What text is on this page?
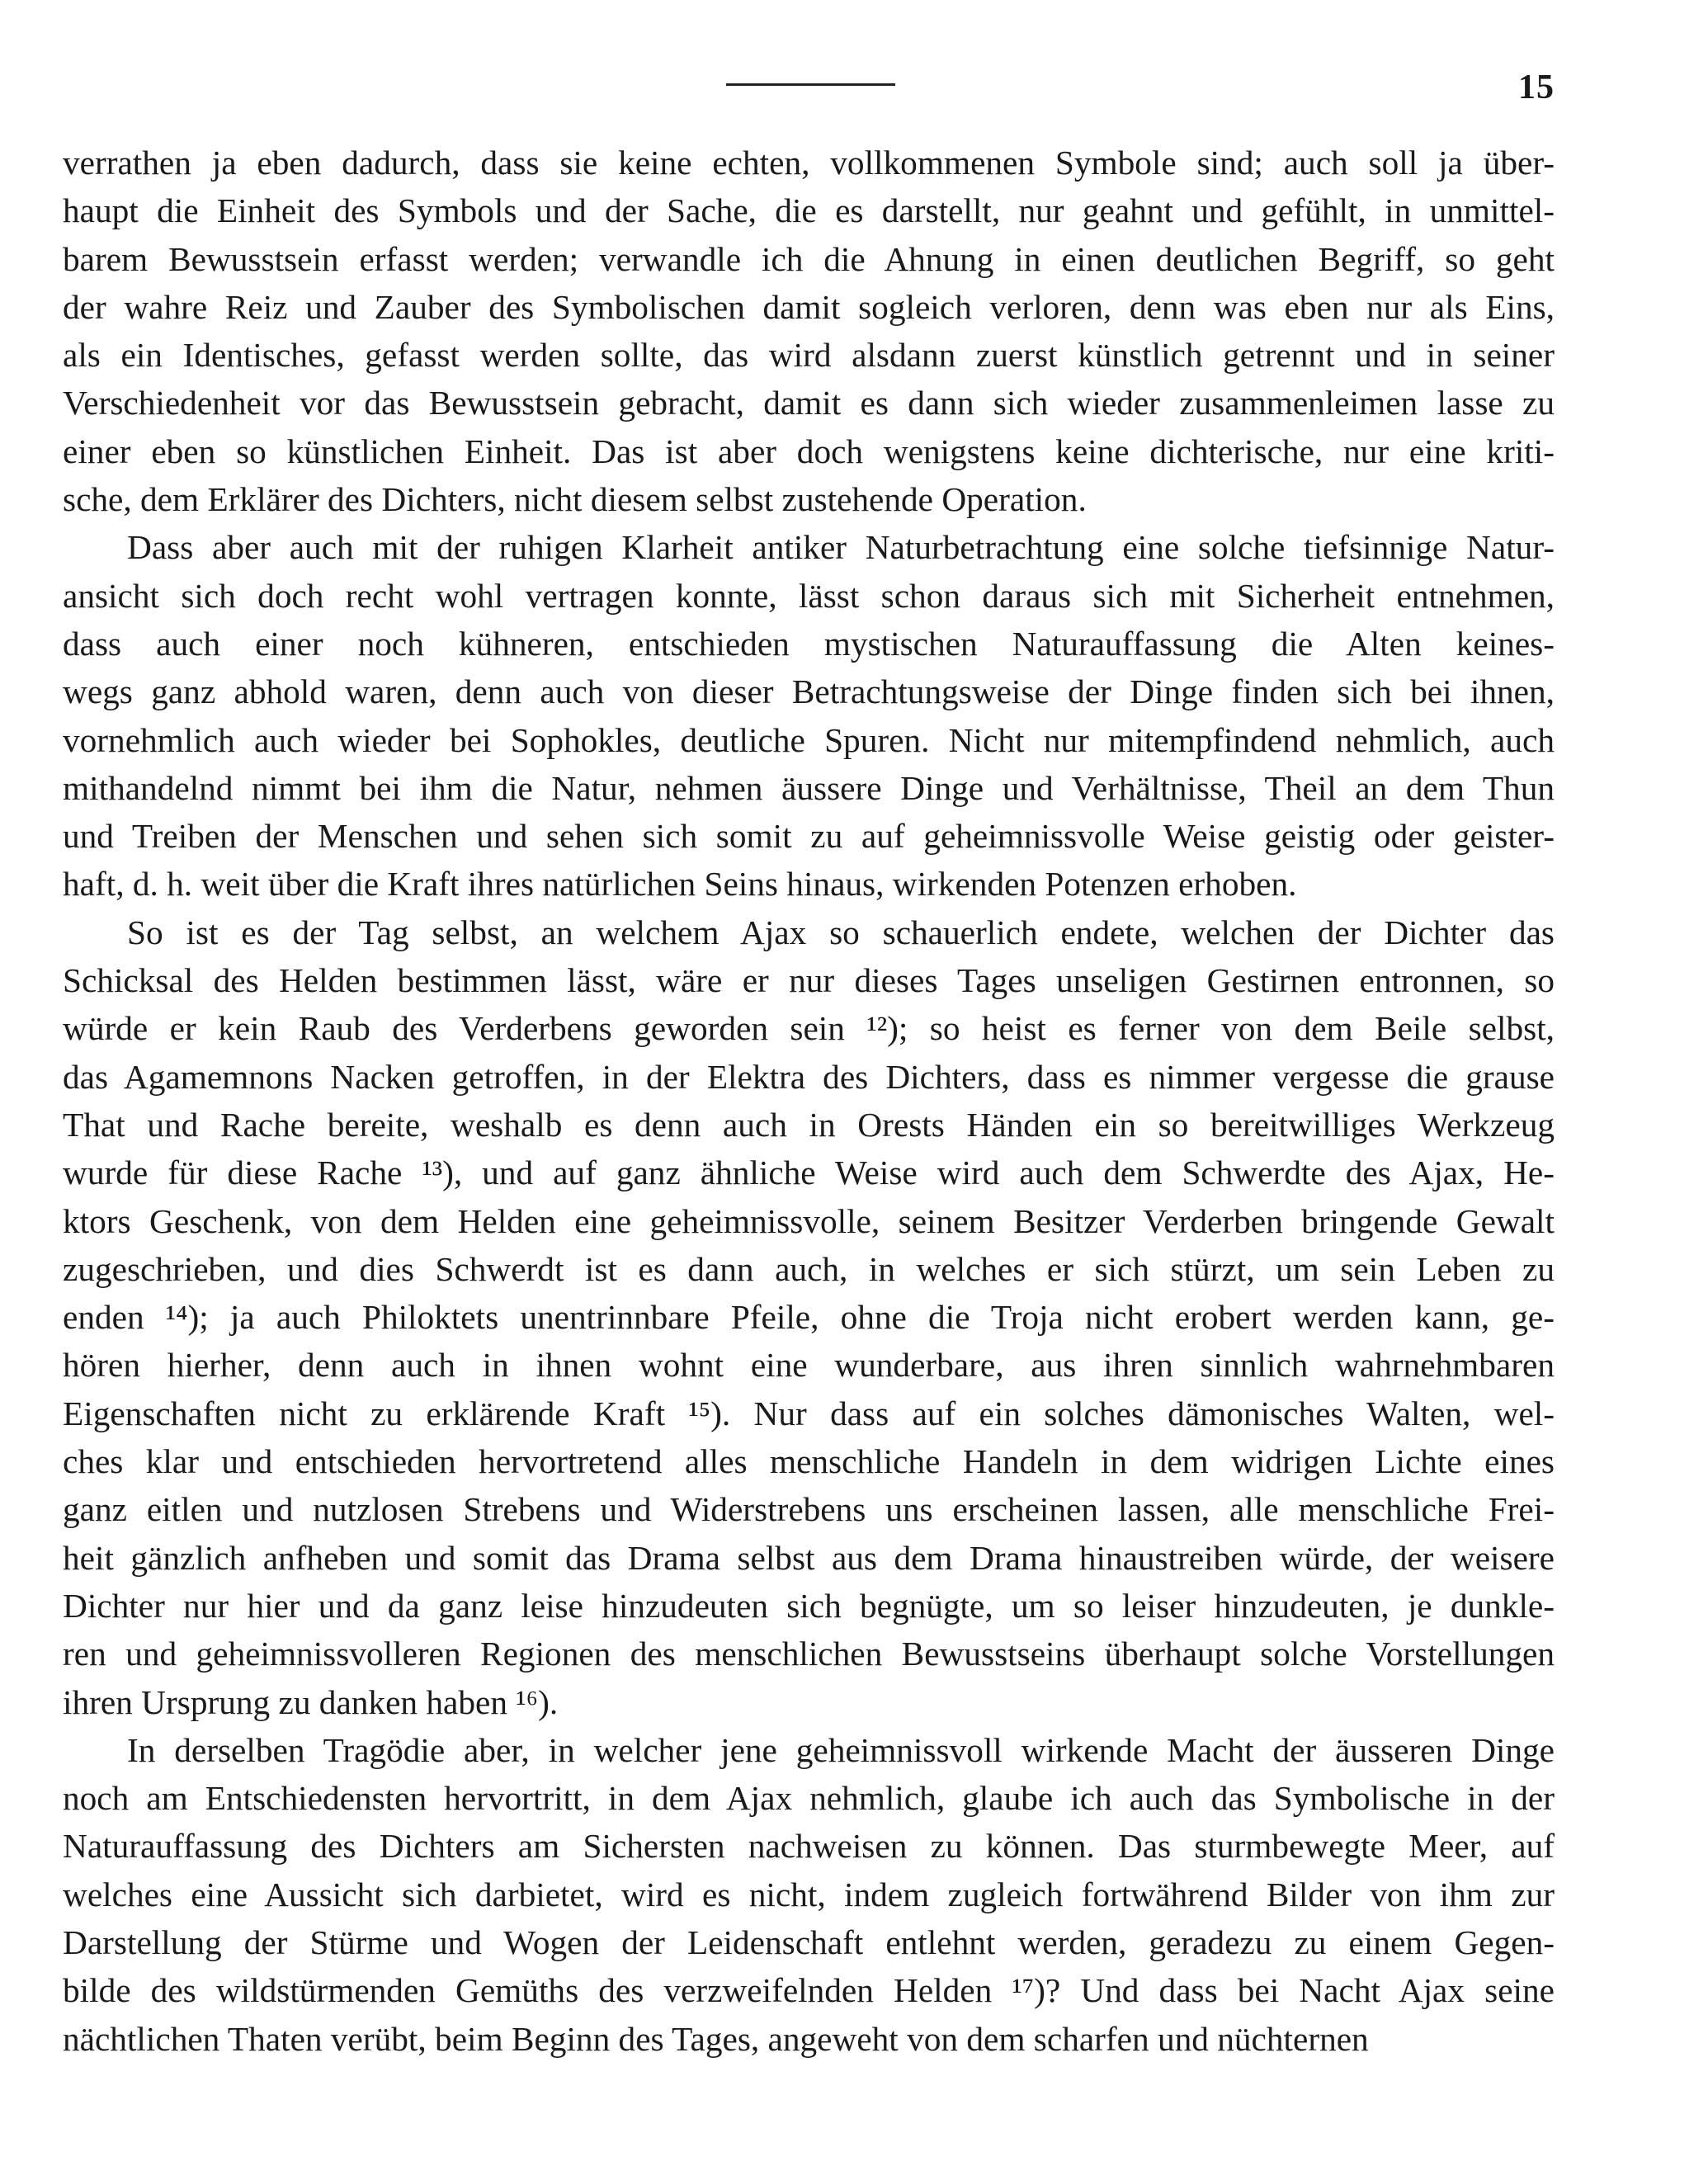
15
verrathen ja eben dadurch, dass sie keine echten, vollkommenen Symbole sind; auch soll ja über-
haupt die Einheit des Symbols und der Sache, die es darstellt, nur geahnt und gefühlt, in unmittel-
barem Bewusstsein erfasst werden; verwandle ich die Ahnung in einen deutlichen Begriff, so geht
der wahre Reiz und Zauber des Symbolischen damit sogleich verloren, denn was eben nur als Eins,
als ein Identisches, gefasst werden sollte, das wird alsdann zuerst künstlich getrennt und in seiner
Verschiedenheit vor das Bewusstsein gebracht, damit es dann sich wieder zusammenleimen lasse zu
einer eben so künstlichen Einheit. Das ist aber doch wenigstens keine dichterische, nur eine kriti-
sche, dem Erklärer des Dichters, nicht diesem selbst zustehende Operation.
Dass aber auch mit der ruhigen Klarheit antiker Naturbetrachtung eine solche tiefsinnige Natur-
ansicht sich doch recht wohl vertragen konnte, lässt schon daraus sich mit Sicherheit entnehmen,
dass auch einer noch kühneren, entschieden mystischen Naturauffassung die Alten keines-
wegs ganz abhold waren, denn auch von dieser Betrachtungsweise der Dinge finden sich bei ihnen,
vornehmlich auch wieder bei Sophokles, deutliche Spuren. Nicht nur mitempfindend nehmlich, auch
mithandelnd nimmt bei ihm die Natur, nehmen äussere Dinge und Verhältnisse, Theil an dem Thun
und Treiben der Menschen und sehen sich somit zu auf geheimnissvolle Weise geistig oder geister-
haft, d. h. weit über die Kraft ihres natürlichen Seins hinaus, wirkenden Potenzen erhoben.
So ist es der Tag selbst, an welchem Ajax so schauerlich endete, welchen der Dichter das
Schicksal des Helden bestimmen lässt, wäre er nur dieses Tages unseligen Gestirnen entronnen, so
würde er kein Raub des Verderbens geworden sein ¹²); so heist es ferner von dem Beile selbst,
das Agamemnons Nacken getroffen, in der Elektra des Dichters, dass es nimmer vergesse die grause
That und Rache bereite, weshalb es denn auch in Orests Händen ein so bereitwilliges Werkzeug
wurde für diese Rache ¹³), und auf ganz ähnliche Weise wird auch dem Schwerdte des Ajax, He-
ktors Geschenk, von dem Helden eine geheimnissvolle, seinem Besitzer Verderben bringende Gewalt
zugeschrieben, und dies Schwerdt ist es dann auch, in welches er sich stürzt, um sein Leben zu
enden ¹⁴); ja auch Philoktets unentrinnbare Pfeile, ohne die Troja nicht erobert werden kann, ge-
hören hierher, denn auch in ihnen wohnt eine wunderbare, aus ihren sinnlich wahrnehmbaren
Eigenschaften nicht zu erklärende Kraft ¹⁵). Nur dass auf ein solches dämonisches Walten, wel-
ches klar und entschieden hervortretend alles menschliche Handeln in dem widrigen Lichte eines
ganz eitlen und nutzlosen Strebens und Widerstrebens uns erscheinen lassen, alle menschliche Frei-
heit gänzlich anfheben und somit das Drama selbst aus dem Drama hinaustreiben würde, der weisere
Dichter nur hier und da ganz leise hinzudeuten sich begnügte, um so leiser hinzudeuten, je dunkle-
ren und geheimnissvolleren Regionen des menschlichen Bewusstseins überhaupt solche Vorstellungen
ihren Ursprung zu danken haben ¹⁶).
In derselben Tragödie aber, in welcher jene geheimnissvoll wirkende Macht der äusseren Dinge
noch am Entschiedensten hervortritt, in dem Ajax nehmlich, glaube ich auch das Symbolische in der
Naturauffassung des Dichters am Sichersten nachweisen zu können. Das sturmbewegte Meer, auf
welches eine Aussicht sich darbietet, wird es nicht, indem zugleich fortwährend Bilder von ihm zur
Darstellung der Stürme und Wogen der Leidenschaft entlehnt werden, geradezu zu einem Gegen-
bilde des wildstürmenden Gemüths des verzweifelnden Helden ¹⁷)? Und dass bei Nacht Ajax seine
nächtlichen Thaten verübt, beim Beginn des Tages, angeweht von dem scharfen und nüchternen
